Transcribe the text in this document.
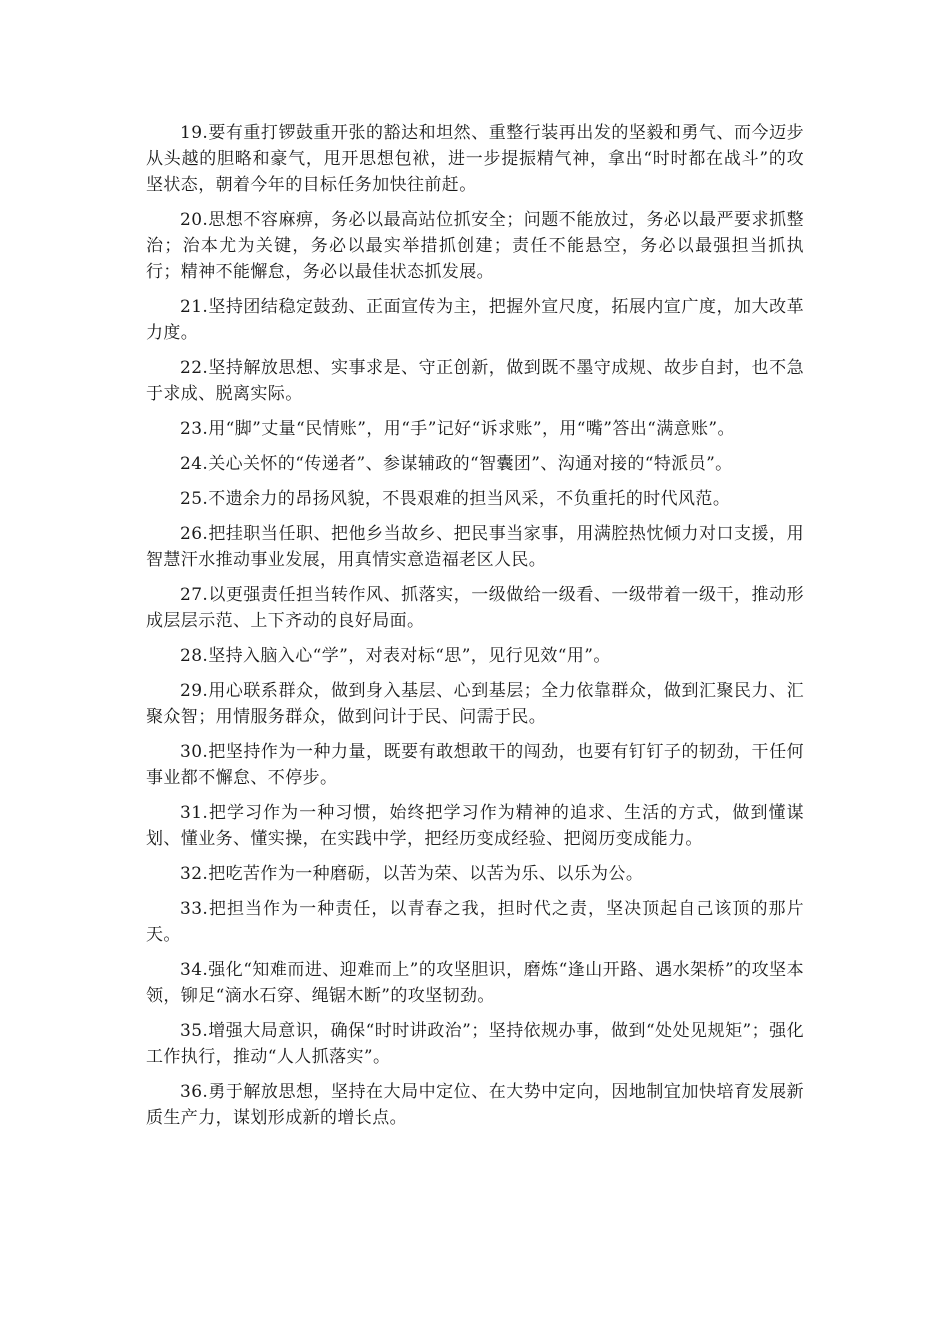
19.要有重打锣鼓重开张的豁达和坦然、重整行装再出发的坚毅和勇气、而今迈步从头越的胆略和豪气，甩开思想包袱，进一步提振精气神，拿出“时时都在战斗”的攻坚状态，朝着今年的目标任务加快往前赶。

20.思想不容麻痹，务必以最高站位抓安全；问题不能放过，务必以最严要求抓整治；治本尤为关键，务必以最实举措抓创建；责任不能悬空，务必以最强担当抓执行；精神不能懈怠，务必以最佳状态抓发展。

21.坚持团结稳定鼓劲、正面宣传为主，把握外宣尺度，拓展内宣广度，加大改革力度。

22.坚持解放思想、实事求是、守正创新，做到既不墨守成规、故步自封，也不急于求成、脱离实际。

23.用“脚”丈量“民情账”，用“手”记好“诉求账”，用“嘴”答出“满意账”。

24.关心关怀的“传递者”、参谋辅政的“智囊团”、沟通对接的“特派员”。

25.不遗余力的昂扬风貌，不畏艰难的担当风采，不负重托的时代风范。

26.把挂职当任职、把他乡当故乡、把民事当家事，用满腔热忱倾力对口支援，用智慧汗水推动事业发展，用真情实意造福老区人民。

27.以更强责任担当转作风、抓落实，一级做给一级看、一级带着一级干，推动形成层层示范、上下齐动的良好局面。

28.坚持入脑入心“学”，对表对标“思”，见行见效“用”。

29.用心联系群众，做到身入基层、心到基层；全力依靠群众，做到汇聚民力、汇聚众智；用情服务群众，做到问计于民、问需于民。

30.把坚持作为一种力量，既要有敢想敢干的闯劲，也要有钉钉子的韧劲，干任何事业都不懈怠、不停步。

31.把学习作为一种习惯，始终把学习作为精神的追求、生活的方式，做到懂谋划、懂业务、懂实操，在实践中学，把经历变成经验、把阅历变成能力。

32.把吃苦作为一种磨砺，以苦为荣、以苦为乐、以乐为公。

33.把担当作为一种责任，以青春之我，担时代之责，坚决顶起自己该顶的那片天。

34.强化“知难而进、迎难而上”的攻坚胆识，磨炼“逢山开路、遇水架桥”的攻坚本领，铆足“滴水石穿、绳锯木断”的攻坚韧劲。

35.增强大局意识，确保“时时讲政治”；坚持依规办事，做到“处处见规矩”；强化工作执行，推动“人人抓落实”。

36.勇于解放思想，坚持在大局中定位、在大势中定向，因地制宜加快培育发展新质生产力，谋划形成新的增长点。
